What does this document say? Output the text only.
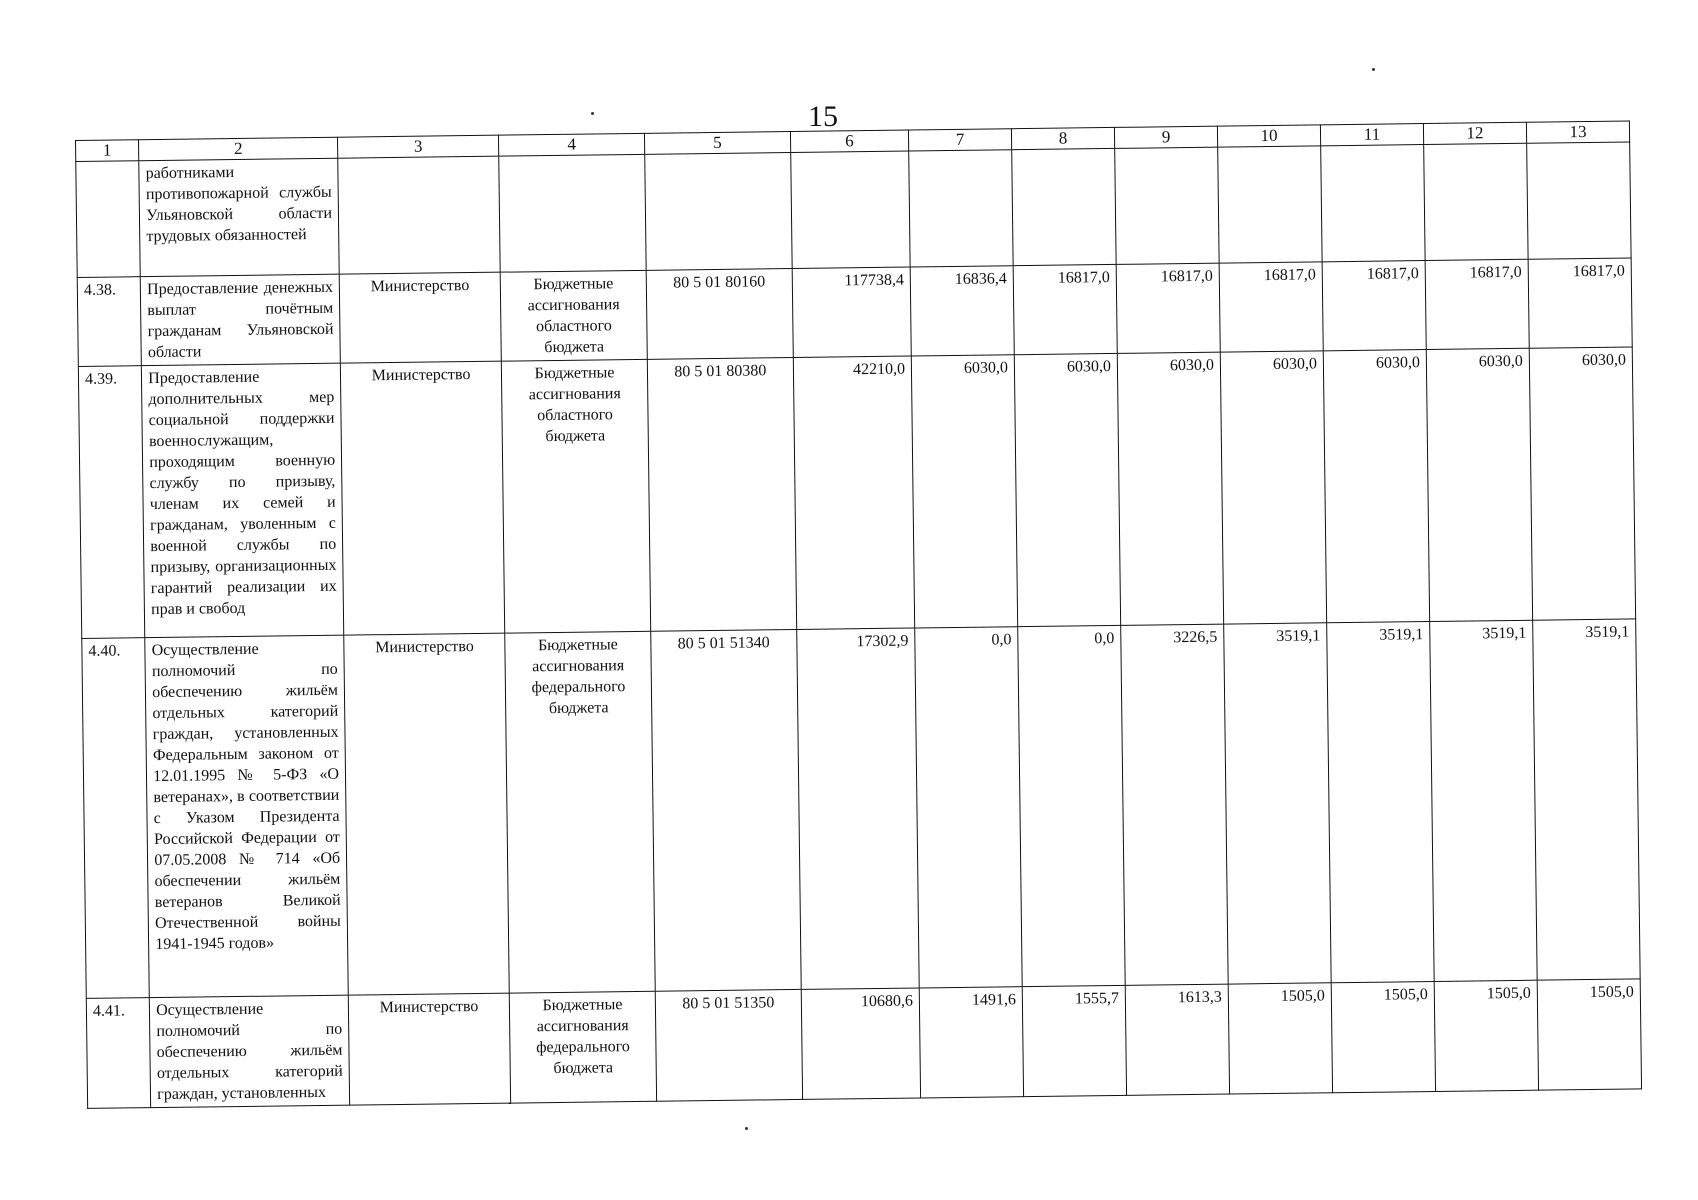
15
1	2	3	4	5	6	7	8	9	10	11	12	13
	работниками противопожарной службы Ульяновской области трудовых обязанностей											
4.38.	Предоставление денежных выплат почётным гражданам Ульяновской области	Министерство	Бюджетные ассигнования областного бюджета	80 5 01 80160	117738,4	16836,4	16817,0	16817,0	16817,0	16817,0	16817,0	16817,0
4.39.	Предоставление дополнительных мер социальной поддержки военнослужащим, проходящим военную службу по призыву, членам их семей и гражданам, уволенным с военной службы по призыву, организационных гарантий реализации их прав и свобод	Министерство	Бюджетные ассигнования областного бюджета	80 5 01 80380	42210,0	6030,0	6030,0	6030,0	6030,0	6030,0	6030,0	6030,0
4.40.	Осуществление полномочий по обеспечению жильём отдельных категорий граждан, установленных Федеральным законом от 12.01.1995 № 5-ФЗ «О ветеранах», в соответствии с Указом Президента Российской Федерации от 07.05.2008 № 714 «Об обеспечении жильём ветеранов Великой Отечественной войны 1941-1945 годов»	Министерство	Бюджетные ассигнования федерального бюджета	80 5 01 51340	17302,9	0,0	0,0	3226,5	3519,1	3519,1	3519,1	3519,1
4.41.	Осуществление полномочий по обеспечению жильём отдельных категорий граждан, установленных	Министерство	Бюджетные ассигнования федерального бюджета	80 5 01 51350	10680,6	1491,6	1555,7	1613,3	1505,0	1505,0	1505,0	1505,0
